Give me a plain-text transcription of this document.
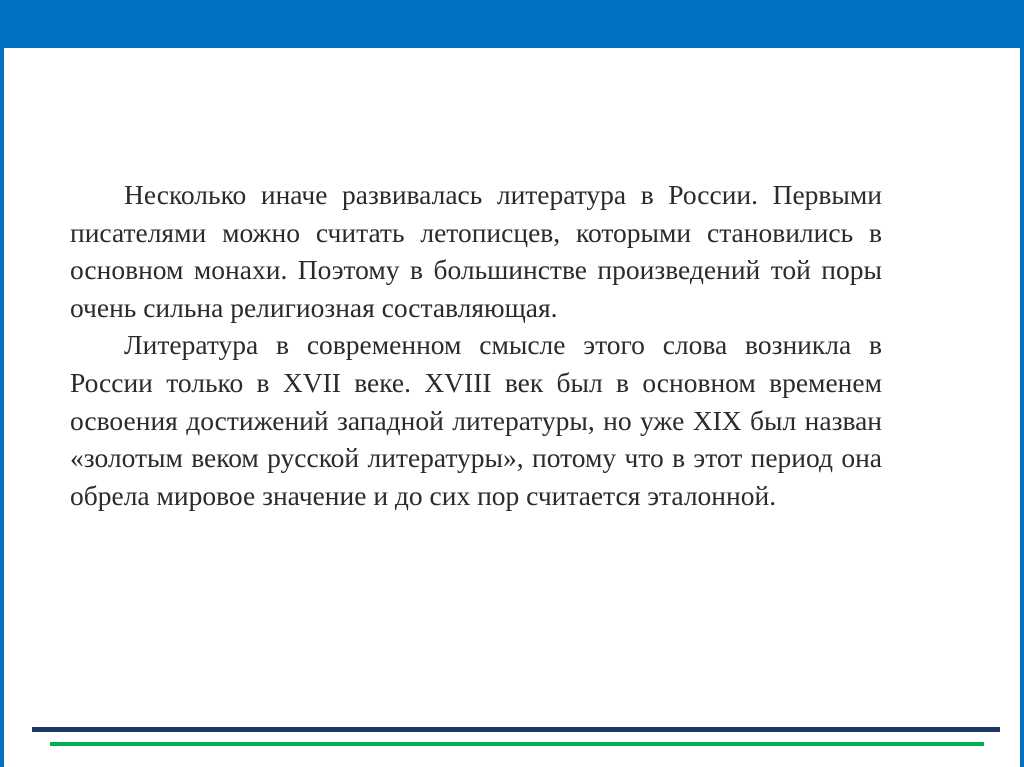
Несколько иначе развивалась литература в России. Первыми писателями можно считать летописцев, которыми становились в основном монахи. Поэтому в большинстве произведений той поры очень сильна религиозная составляющая.

Литература в современном смысле этого слова возникла в России только в XVII веке. XVIII век был в основном временем освоения достижений западной литературы, но уже XIX был назван «золотым веком русской литературы», потому что в этот период она обрела мировое значение и до сих пор считается эталонной.
